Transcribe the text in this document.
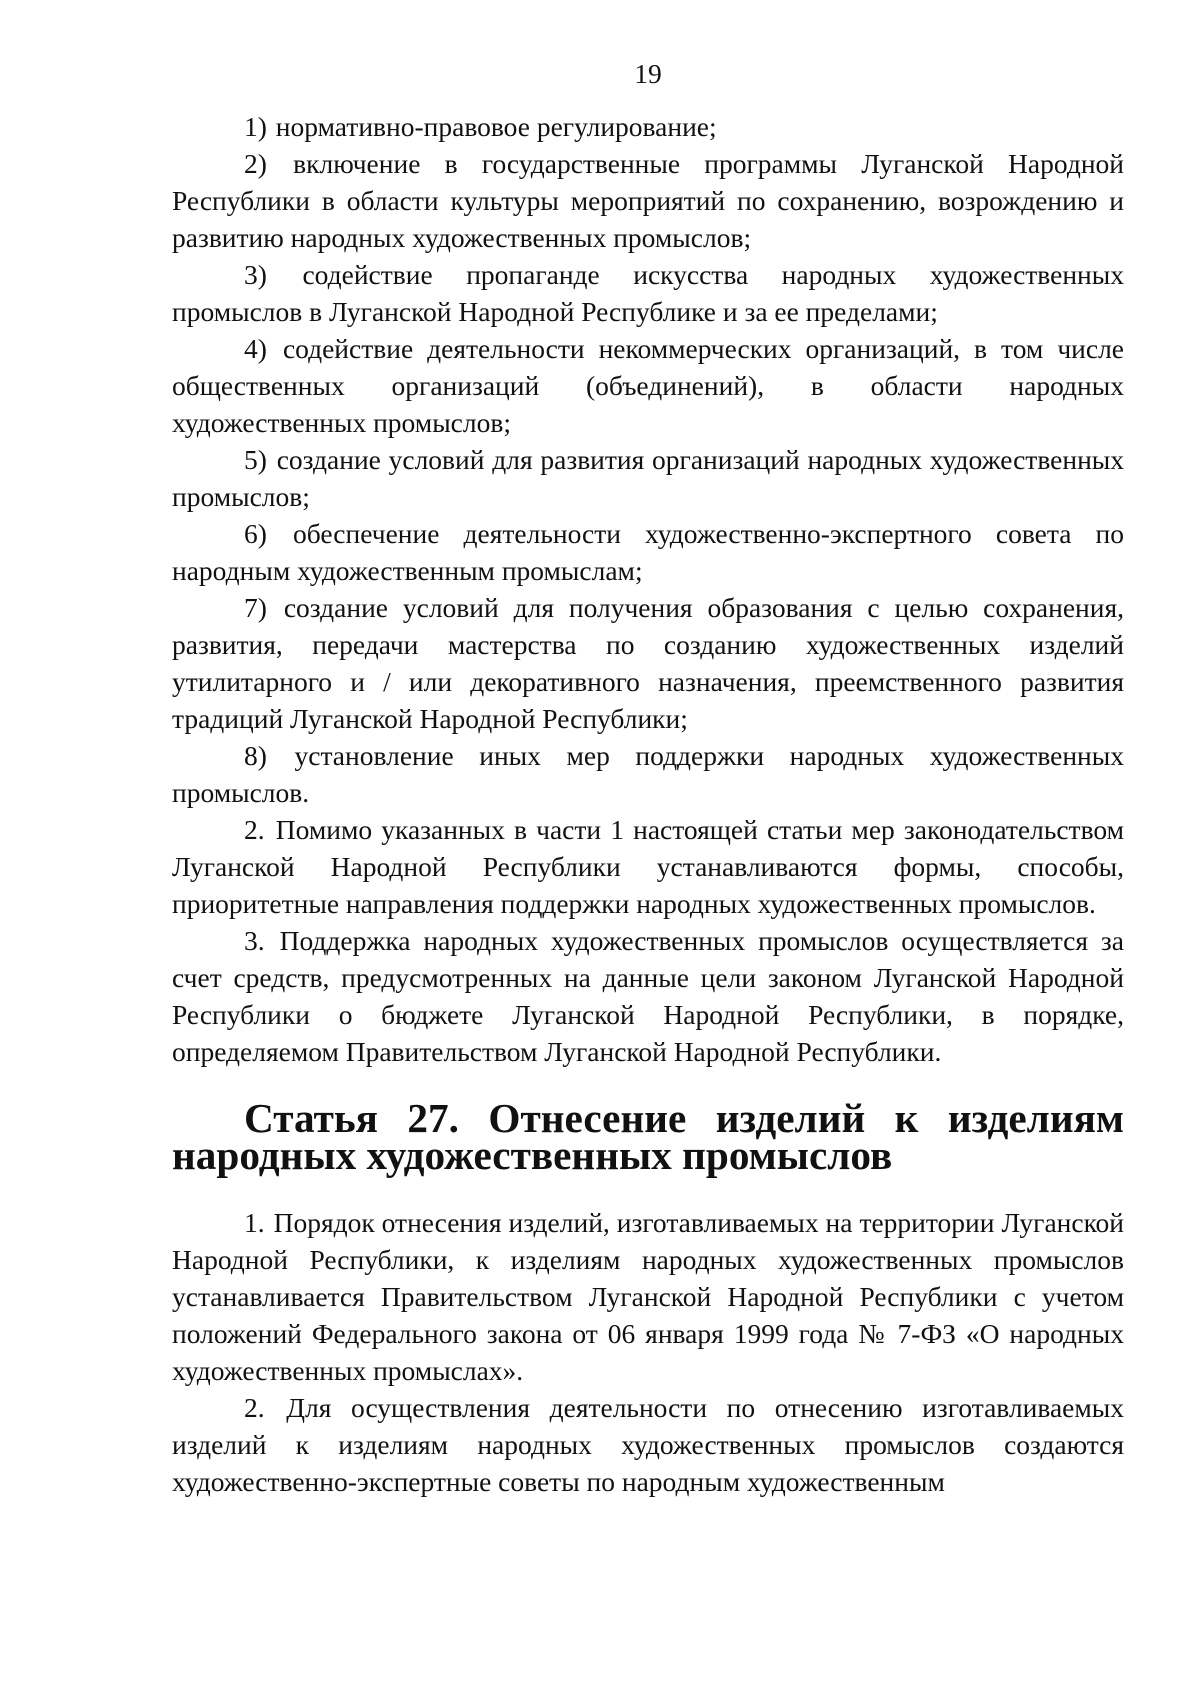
19

1) нормативно-правовое регулирование;

2) включение в государственные программы Луганской Народной Республики в области культуры мероприятий по сохранению, возрождению и развитию народных художественных промыслов;

3) содействие пропаганде искусства народных художественных промыслов в Луганской Народной Республике и за ее пределами;

4) содействие деятельности некоммерческих организаций, в том числе общественных организаций (объединений), в области народных художественных промыслов;

5) создание условий для развития организаций народных художественных промыслов;

6) обеспечение деятельности художественно-экспертного совета по народным художественным промыслам;

7) создание условий для получения образования с целью сохранения, развития, передачи мастерства по созданию художественных изделий утилитарного и / или декоративного назначения, преемственного развития традиций Луганской Народной Республики;

8) установление иных мер поддержки народных художественных промыслов.

2. Помимо указанных в части 1 настоящей статьи мер законодательством Луганской Народной Республики устанавливаются формы, способы, приоритетные направления поддержки народных художественных промыслов.

3. Поддержка народных художественных промыслов осуществляется за счет средств, предусмотренных на данные цели законом Луганской Народной Республики о бюджете Луганской Народной Республики, в порядке, определяемом Правительством Луганской Народной Республики.

Статья 27. Отнесение изделий к изделиям народных художественных промыслов

1. Порядок отнесения изделий, изготавливаемых на территории Луганской Народной Республики, к изделиям народных художественных промыслов устанавливается Правительством Луганской Народной Республики с учетом положений Федерального закона от 06 января 1999 года № 7-ФЗ «О народных художественных промыслах».

2. Для осуществления деятельности по отнесению изготавливаемых изделий к изделиям народных художественных промыслов создаются художественно-экспертные советы по народным художественным
